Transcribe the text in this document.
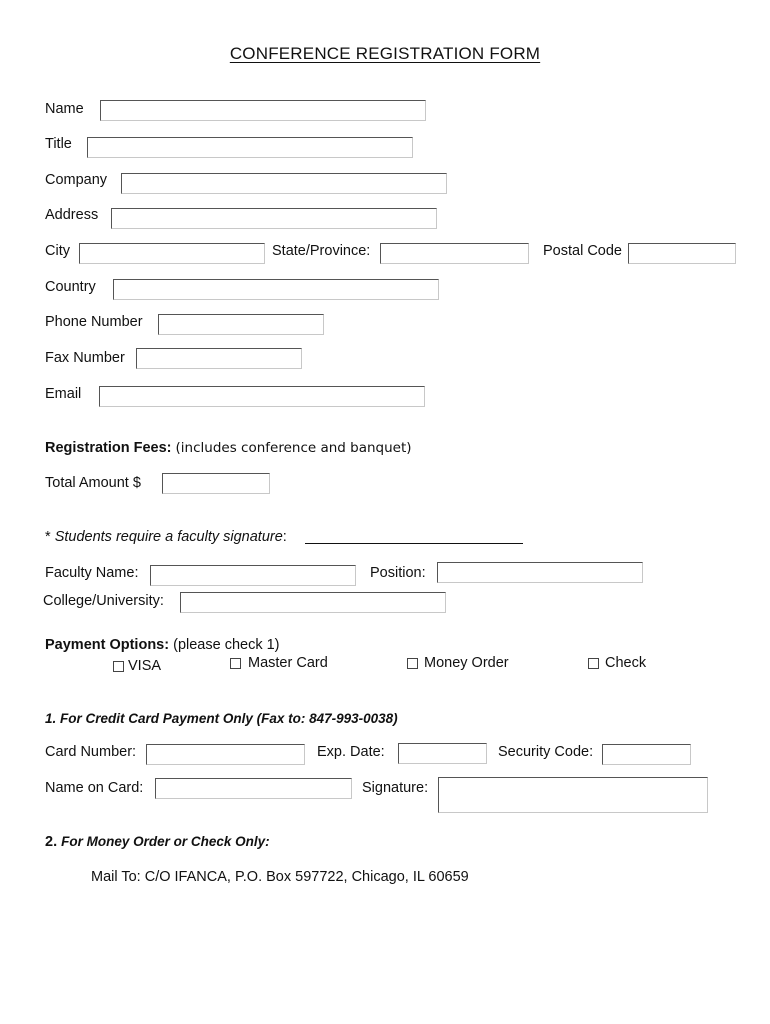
CONFERENCE REGISTRATION FORM
Name
Title
Company
Address
City	State/Province:	Postal Code
Country
Phone Number
Fax Number
Email
Registration Fees: (includes conference and banquet)
Total Amount $
* Students require a faculty signature:
Faculty Name:	Position:
College/University:
Payment Options: (please check 1)
VISA	Master Card	Money Order	Check
1. For Credit Card Payment Only (Fax to: 847-993-0038)
Card Number:	Exp. Date:	Security Code:
Name on Card:	Signature:
2. For Money Order or Check Only:
Mail To: C/O IFANCA, P.O. Box 597722, Chicago, IL 60659
